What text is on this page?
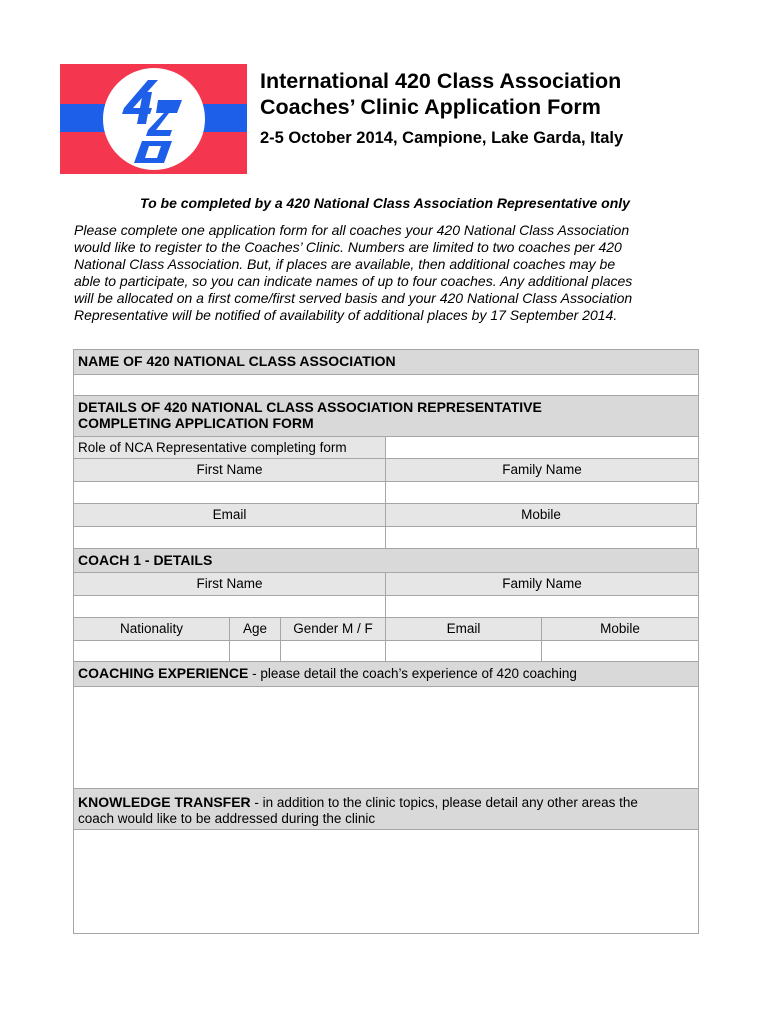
International 420 Class Association
Coaches’ Clinic Application Form
2-5 October 2014, Campione, Lake Garda, Italy
To be completed by a 420 National Class Association Representative only
Please complete one application form for all coaches your 420 National Class Association
would like to register to the Coaches’ Clinic. Numbers are limited to two coaches per 420
National Class Association. But, if places are available, then additional coaches may be
able to participate, so you can indicate names of up to four coaches. Any additional places
will be allocated on a first come/first served basis and your 420 National Class Association
Representative will be notified of availability of additional places by 17 September 2014.
NAME OF 420 NATIONAL CLASS ASSOCIATION
DETAILS OF 420 NATIONAL CLASS ASSOCIATION REPRESENTATIVE
COMPLETING APPLICATION FORM
Role of NCA Representative completing form
First Name	Family Name
Email	Mobile
COACH 1 - DETAILS
First Name	Family Name
Nationality	Age	Gender M / F	Email	Mobile
COACHING EXPERIENCE - please detail the coach’s experience of 420 coaching
KNOWLEDGE TRANSFER - in addition to the clinic topics, please detail any other areas the
coach would like to be addressed during the clinic
